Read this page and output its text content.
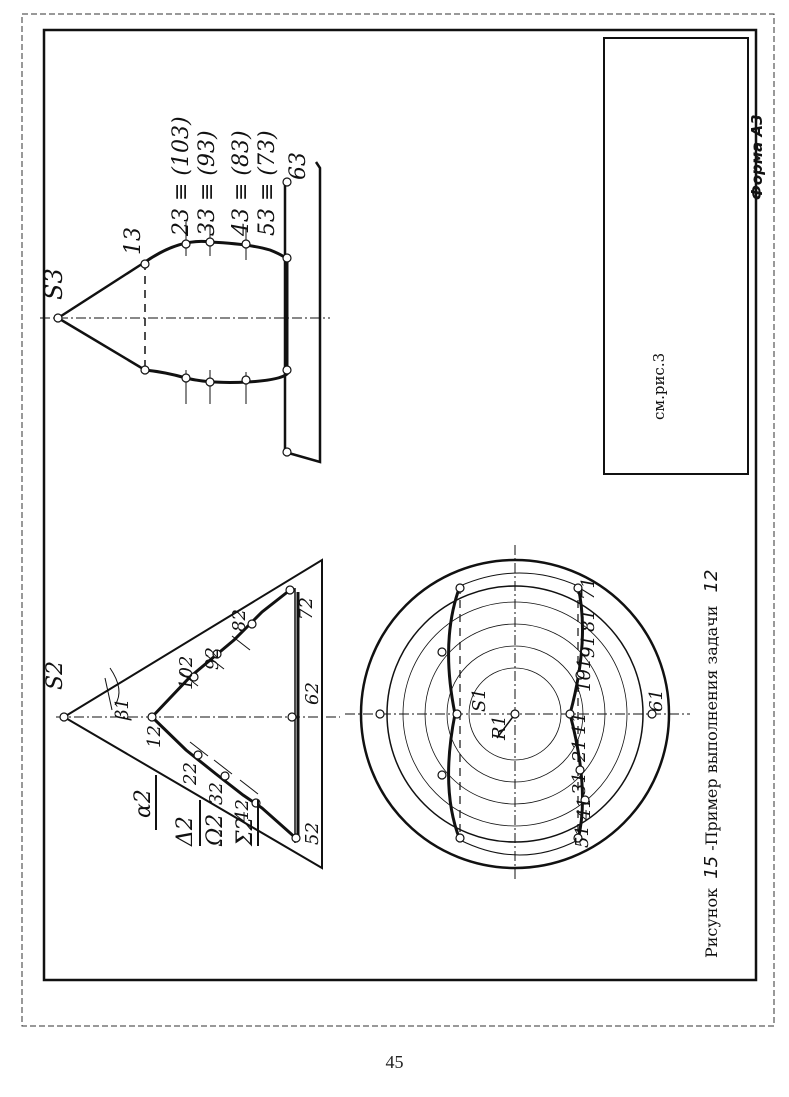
см.рис.3
Форма А3
S2
β1
12
22
32
42
52
62
72
82
92
102
α2
Δ2 Ω2 Σ2
S3
13
23 ≡ (103) 33 ≡ (93) 43 ≡ (83) 53 ≡ (73) 63
S1
R1	11
21
31
41
51
61
71
81
91
101
Рисунок 15 -Пример выполнения задачи 12
45
